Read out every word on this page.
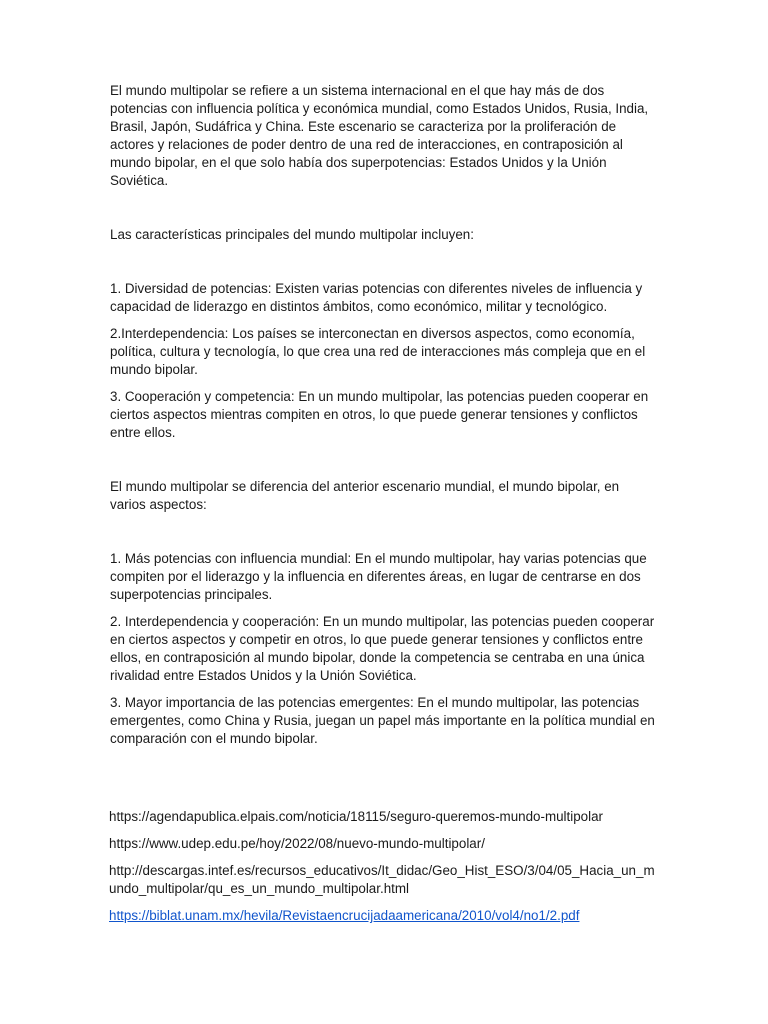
El mundo multipolar se refiere a un sistema internacional en el que hay más de dos potencias con influencia política y económica mundial, como Estados Unidos, Rusia, India, Brasil, Japón, Sudáfrica y China. Este escenario se caracteriza por la proliferación de actores y relaciones de poder dentro de una red de interacciones, en contraposición al mundo bipolar, en el que solo había dos superpotencias: Estados Unidos y la Unión Soviética.

Las características principales del mundo multipolar incluyen:

1. Diversidad de potencias: Existen varias potencias con diferentes niveles de influencia y capacidad de liderazgo en distintos ámbitos, como económico, militar y tecnológico.

2.Interdependencia: Los países se interconectan en diversos aspectos, como economía, política, cultura y tecnología, lo que crea una red de interacciones más compleja que en el mundo bipolar.

3. Cooperación y competencia: En un mundo multipolar, las potencias pueden cooperar en ciertos aspectos mientras compiten en otros, lo que puede generar tensiones y conflictos entre ellos.

El mundo multipolar se diferencia del anterior escenario mundial, el mundo bipolar, en varios aspectos:

1. Más potencias con influencia mundial: En el mundo multipolar, hay varias potencias que compiten por el liderazgo y la influencia en diferentes áreas, en lugar de centrarse en dos superpotencias principales.

2. Interdependencia y cooperación: En un mundo multipolar, las potencias pueden cooperar en ciertos aspectos y competir en otros, lo que puede generar tensiones y conflictos entre ellos, en contraposición al mundo bipolar, donde la competencia se centraba en una única rivalidad entre Estados Unidos y la Unión Soviética.

3. Mayor importancia de las potencias emergentes: En el mundo multipolar, las potencias emergentes, como China y Rusia, juegan un papel más importante en la política mundial en comparación con el mundo bipolar.

https://agendapublica.elpais.com/noticia/18115/seguro-queremos-mundo-multipolar

https://www.udep.edu.pe/hoy/2022/08/nuevo-mundo-multipolar/

http://descargas.intef.es/recursos_educativos/It_didac/Geo_Hist_ESO/3/04/05_Hacia_un_mundo_multipolar/qu_es_un_mundo_multipolar.html

https://biblat.unam.mx/hevila/Revistaencrucijadaamericana/2010/vol4/no1/2.pdf
